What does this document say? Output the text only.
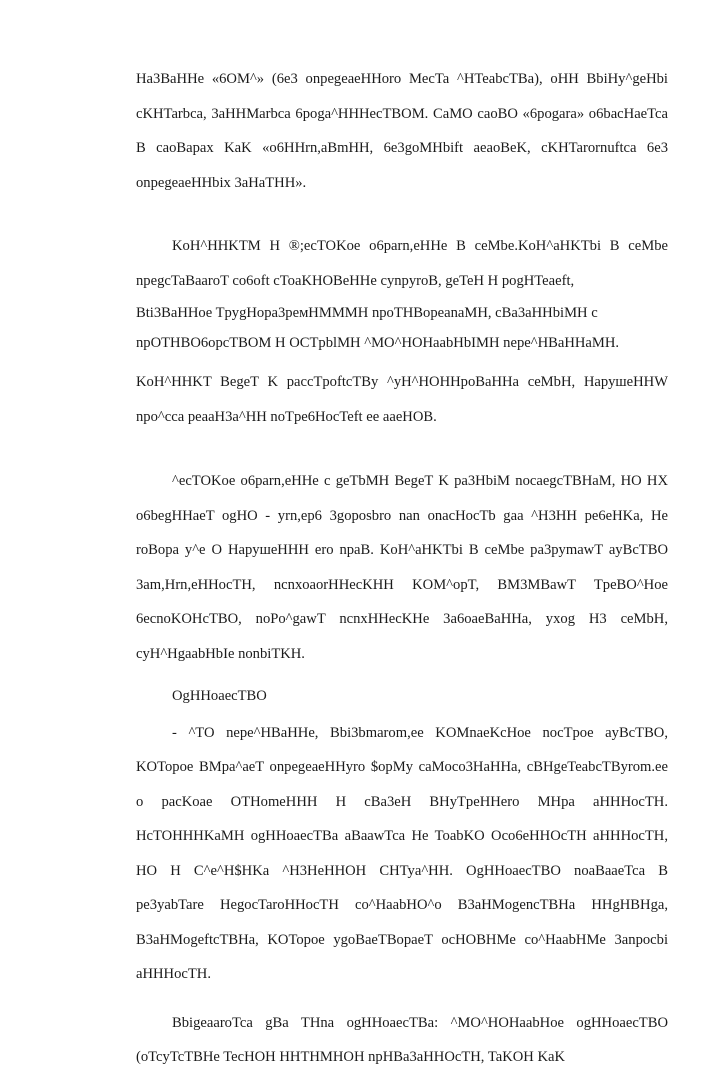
Ha3BaHHe «6OM^» (6e3 onpegeaeHHoro MecTa ^HTeabcTBa), oHH BbiHy^geHbi cKHTarbca, 3aHHMarbca 6poga^HHHecTBOM. CaMO caoBO «6pogara» o6bacHaeTca B caoBapax KaK «o6HHrn,aBmHH, 6e3goMHbift aeaoBeK, cKHTarornuftca 6e3 onpegeaeHHbix 3aHaTHH».

KoH^HHKTM H ®;ecTOKoe o6parn,eHHe B ceMbe.KoH^aHKTbi B ceMbe npegcTaBaaroT co6oft cToaKHOBeHHe cynpyroB, geTeH H pogHTeaeft,

Bti3BaHHoe TpygHopa3peмHMMMH npoTHBopeanaMH, cBa3aHHbiMH c

npOTHBO6opcTBOM H OCTpblMH ^MO^HOHaabHbIMH nepe^HBaHHaMH.

KoH^HHKT BegeT K paccTpoftcTBy ^yH^HOHHpoBaHHa ceMbH, HapyшeHHW npo^cca peaaH3a^HH noTpe6HocTeft ee aaeHOB.

^ecTOKoe o6parn,eHHe c geTbMH BegeT K pa3HbiM nocaegcTBHaM, HO HX o6begHHaeT ogHO - yrn,ep6 3goposbro nan onacHocTb gaa ^H3HH pe6eHKa, He roBopa y^e O HapyшeHHH ero npaB. KoH^aHKTbi B ceMbe pa3pymawT ayBcTBO 3am,Hrn,eHHocTH, ncnxoaorHHecKHH KOM^opT, BM3MBawT TpeBO^Hoe 6ecnoKOHcTBO, noPo^gawT ncnxHHecKHe 3a6oaeBaHHa, yxog H3 ceMbH, cyH^HgaabHbIe nonbiTKH.

OgHHoaecTBO

- ^TO nepe^HBaHHe, Bbi3bmarom,ee KOMnaeKcHoe nocTpoe ayBcTBO, KOTopoe BMpa^aeT onpegeaeHHyro $opMy caMoco3HaHHa, cBHgeTeabcTByrom.ee o pacKoae OTHomeHHH H cBa3eH BHyTpeHHero MHpa aHHHocTH. HcTOHHHKaMH ogHHoaecTBa aBaawTca He ToabKO Oco6eHHOcTH aHHHocTH, HO H C^e^H$HKa ^H3HeHHOH CHTya^HH. OgHHoaecTBO noaBaaeTca B pe3yabTare HegocTaroHHocTH co^HaabHO^o B3aHMogencTBHa HHgHBHga, B3aHMogeftcTBHa, KOTopoe ygoBaeTBopaeT ocHOBHMe co^HaabHMe 3anpocbi aHHHocTH.

BbigeaaroTca gBa THna ogHHoaecTBa: ^MO^HOHaabHoe ogHHoaecTBO (oTcyTcTBHe TecHOH HHTHMHOH npHBa3aHHOcTH, TaKOH KaK
